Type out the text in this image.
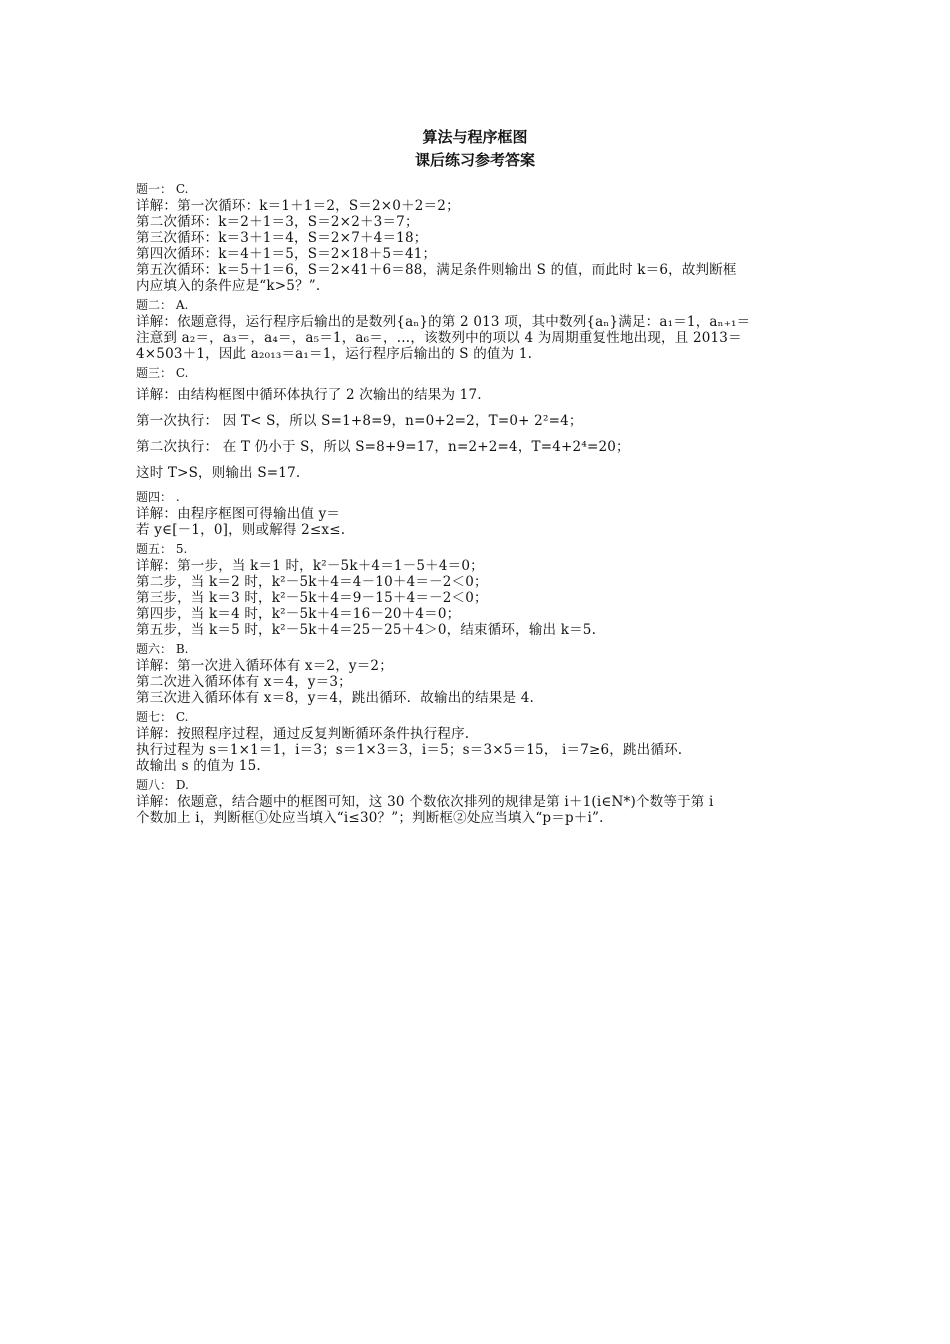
算法与程序框图
课后练习参考答案
题一： C.
详解：第一次循环：k＝1＋1＝2，S＝2×0＋2＝2；
第二次循环：k＝2＋1＝3，S＝2×2＋3＝7；
第三次循环：k＝3＋1＝4，S＝2×7＋4＝18；
第四次循环：k＝4＋1＝5，S＝2×18＋5＝41；
第五次循环：k＝5＋1＝6，S＝2×41＋6＝88，满足条件则输出 S 的值，而此时 k＝6，故判断框
内应填入的条件应是“k>5？”.
题二： A.
详解：依题意得，运行程序后输出的是数列{aₙ}的第 2 013 项，其中数列{aₙ}满足：a₁＝1，aₙ₊₁＝
注意到 a₂＝，a₃＝，a₄＝，a₅＝1，a₆＝，…，该数列中的项以 4 为周期重复性地出现，且 2013＝
4×503＋1，因此 a₂₀₁₃＝a₁＝1，运行程序后输出的 S 的值为 1.
题三： C.
详解：由结构框图中循环体执行了 2 次输出的结果为 17.
第一次执行： 因 T< S，所以 S=1+8=9，n=0+2=2，T=0+ 2²=4；
第二次执行： 在 T 仍小于 S，所以 S=8+9=17，n=2+2=4，T=4+2⁴=20；
这时 T>S，则输出 S=17.
题四： .
详解：由程序框图可得输出值 y＝
若 y∈[－1，0]，则或解得 2≤x≤.
题五： 5.
详解：第一步，当 k＝1 时，k²－5k＋4＝1－5＋4＝0；
第二步，当 k＝2 时，k²－5k＋4＝4－10＋4＝－2＜0；
第三步，当 k＝3 时，k²－5k＋4＝9－15＋4＝－2＜0；
第四步，当 k＝4 时，k²－5k＋4＝16－20＋4＝0；
第五步，当 k＝5 时，k²－5k＋4＝25－25＋4＞0，结束循环，输出 k＝5.
题六： B.
详解：第一次进入循环体有 x＝2，y＝2；
第二次进入循环体有 x＝4，y＝3；
第三次进入循环体有 x＝8，y＝4，跳出循环．故输出的结果是 4.
题七： C.
详解：按照程序过程，通过反复判断循环条件执行程序.
执行过程为 s＝1×1＝1，i＝3；s＝1×3＝3，i＝5；s＝3×5＝15， i＝7≥6，跳出循环.
故输出 s 的值为 15.
题八： D.
详解：依题意，结合题中的框图可知，这 30 个数依次排列的规律是第 i＋1(i∈N*)个数等于第 i
个数加上 i，判断框①处应当填入“i≤30？”；判断框②处应当填入“p＝p＋i”.
